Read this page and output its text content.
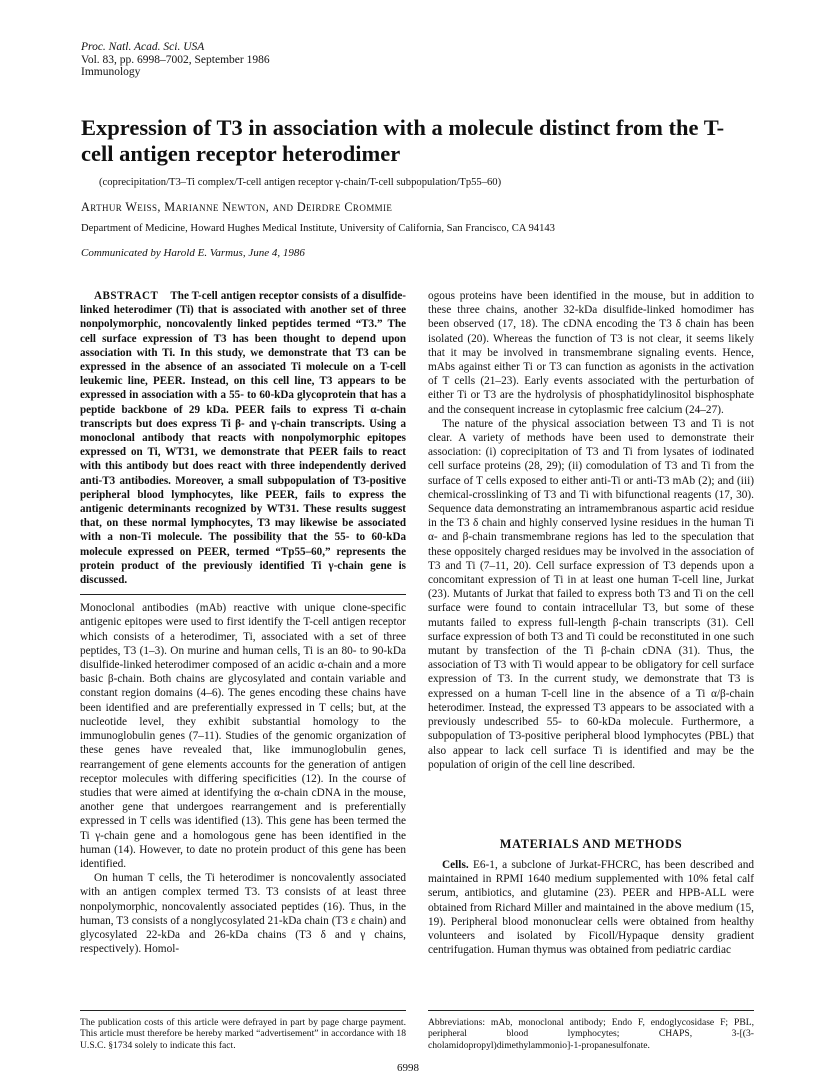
Proc. Natl. Acad. Sci. USA
Vol. 83, pp. 6998–7002, September 1986
Immunology
Expression of T3 in association with a molecule distinct from the T-cell antigen receptor heterodimer
(coprecipitation/T3–Ti complex/T-cell antigen receptor γ-chain/T-cell subpopulation/Tp55–60)
Arthur Weiss, Marianne Newton, and Deirdre Crommie
Department of Medicine, Howard Hughes Medical Institute, University of California, San Francisco, CA 94143
Communicated by Harold E. Varmus, June 4, 1986
ABSTRACT The T-cell antigen receptor consists of a disulfide-linked heterodimer (Ti) that is associated with another set of three nonpolymorphic, noncovalently linked peptides termed “T3.” The cell surface expression of T3 has been thought to depend upon association with Ti. In this study, we demonstrate that T3 can be expressed in the absence of an associated Ti molecule on a T-cell leukemic line, PEER. Instead, on this cell line, T3 appears to be expressed in association with a 55- to 60-kDa glycoprotein that has a peptide backbone of 29 kDa. PEER fails to express Ti α-chain transcripts but does express Ti β- and γ-chain transcripts. Using a monoclonal antibody that reacts with nonpolymorphic epitopes expressed on Ti, WT31, we demonstrate that PEER fails to react with this antibody but does react with three independently derived anti-T3 antibodies. Moreover, a small subpopulation of T3-positive peripheral blood lymphocytes, like PEER, fails to express the antigenic determinants recognized by WT31. These results suggest that, on these normal lymphocytes, T3 may likewise be associated with a non-Ti molecule. The possibility that the 55- to 60-kDa molecule expressed on PEER, termed “Tp55–60,” represents the protein product of the previously identified Ti γ-chain gene is discussed.

Monoclonal antibodies (mAb) reactive with unique clone-specific antigenic epitopes were used to first identify the T-cell antigen receptor which consists of a heterodimer, Ti, associated with a set of three peptides, T3 (1–3). On murine and human cells, Ti is an 80- to 90-kDa disulfide-linked heterodimer composed of an acidic α-chain and a more basic β-chain. Both chains are glycosylated and contain variable and constant region domains (4–6). The genes encoding these chains have been identified and are preferentially expressed in T cells; but, at the nucleotide level, they exhibit substantial homology to the immunoglobulin genes (7–11). Studies of the genomic organization of these genes have revealed that, like immunoglobulin genes, rearrangement of gene elements accounts for the generation of antigen receptor molecules with differing specificities (12). In the course of studies that were aimed at identifying the α-chain cDNA in the mouse, another gene that undergoes rearrangement and is preferentially expressed in T cells was identified (13). This gene has been termed the Ti γ-chain gene and a homologous gene has been identified in the human (14). However, to date no protein product of this gene has been identified.

On human T cells, the Ti heterodimer is noncovalently associated with an antigen complex termed T3. T3 consists of at least three nonpolymorphic, noncovalently associated peptides (16). Thus, in the human, T3 consists of a nonglycosylated 21-kDa chain (T3 ε chain) and glycosylated 22-kDa and 26-kDa chains (T3 δ and γ chains, respectively). Homol-

ogous proteins have been identified in the mouse, but in addition to these three chains, another 32-kDa disulfide-linked homodimer has been observed (17, 18). The cDNA encoding the T3 δ chain has been isolated (20). Whereas the function of T3 is not clear, it seems likely that it may be involved in transmembrane signaling events. Hence, mAbs against either Ti or T3 can function as agonists in the activation of T cells (21–23). Early events associated with the perturbation of either Ti or T3 are the hydrolysis of phosphatidylinositol bisphosphate and the consequent increase in cytoplasmic free calcium (24–27).

The nature of the physical association between T3 and Ti is not clear. A variety of methods have been used to demonstrate their association: (i) coprecipitation of T3 and Ti from lysates of iodinated cell surface proteins (28, 29); (ii) comodulation of T3 and Ti from the surface of T cells exposed to either anti-Ti or anti-T3 mAb (2); and (iii) chemical-crosslinking of T3 and Ti with bifunctional reagents (17, 30). Sequence data demonstrating an intramembranous aspartic acid residue in the T3 δ chain and highly conserved lysine residues in the human Ti α- and β-chain transmembrane regions has led to the speculation that these oppositely charged residues may be involved in the association of T3 and Ti (7–11, 20). Cell surface expression of T3 depends upon a concomitant expression of Ti in at least one human T-cell line, Jurkat (23). Mutants of Jurkat that failed to express both T3 and Ti on the cell surface were found to contain intracellular T3, but some of these mutants failed to express full-length β-chain transcripts (31). Cell surface expression of both T3 and Ti could be reconstituted in one such mutant by transfection of the Ti β-chain cDNA (31). Thus, the association of T3 with Ti would appear to be obligatory for cell surface expression of T3. In the current study, we demonstrate that T3 is expressed on a human T-cell line in the absence of a Ti α/β-chain heterodimer. Instead, the expressed T3 appears to be associated with a previously undescribed 55- to 60-kDa molecule. Furthermore, a subpopulation of T3-positive peripheral blood lymphocytes (PBL) that also appear to lack cell surface Ti is identified and may be the population of origin of the cell line described.

MATERIALS AND METHODS

Cells. E6-1, a subclone of Jurkat-FHCRC, has been described and maintained in RPMI 1640 medium supplemented with 10% fetal calf serum, antibiotics, and glutamine (23). PEER and HPB-ALL were obtained from Richard Miller and maintained in the above medium (15, 19). Peripheral blood mononuclear cells were obtained from healthy volunteers and isolated by Ficoll/Hypaque density gradient centrifugation. Human thymus was obtained from pediatric cardiac

The publication costs of this article were defrayed in part by page charge payment. This article must therefore be hereby marked “advertisement” in accordance with 18 U.S.C. §1734 solely to indicate this fact.
Abbreviations: mAb, monoclonal antibody; Endo F, endoglycosidase F; PBL, peripheral blood lymphocytes; CHAPS, 3-[(3-cholamidopropyl)dimethylammonio]-1-propanesulfonate.
6998
